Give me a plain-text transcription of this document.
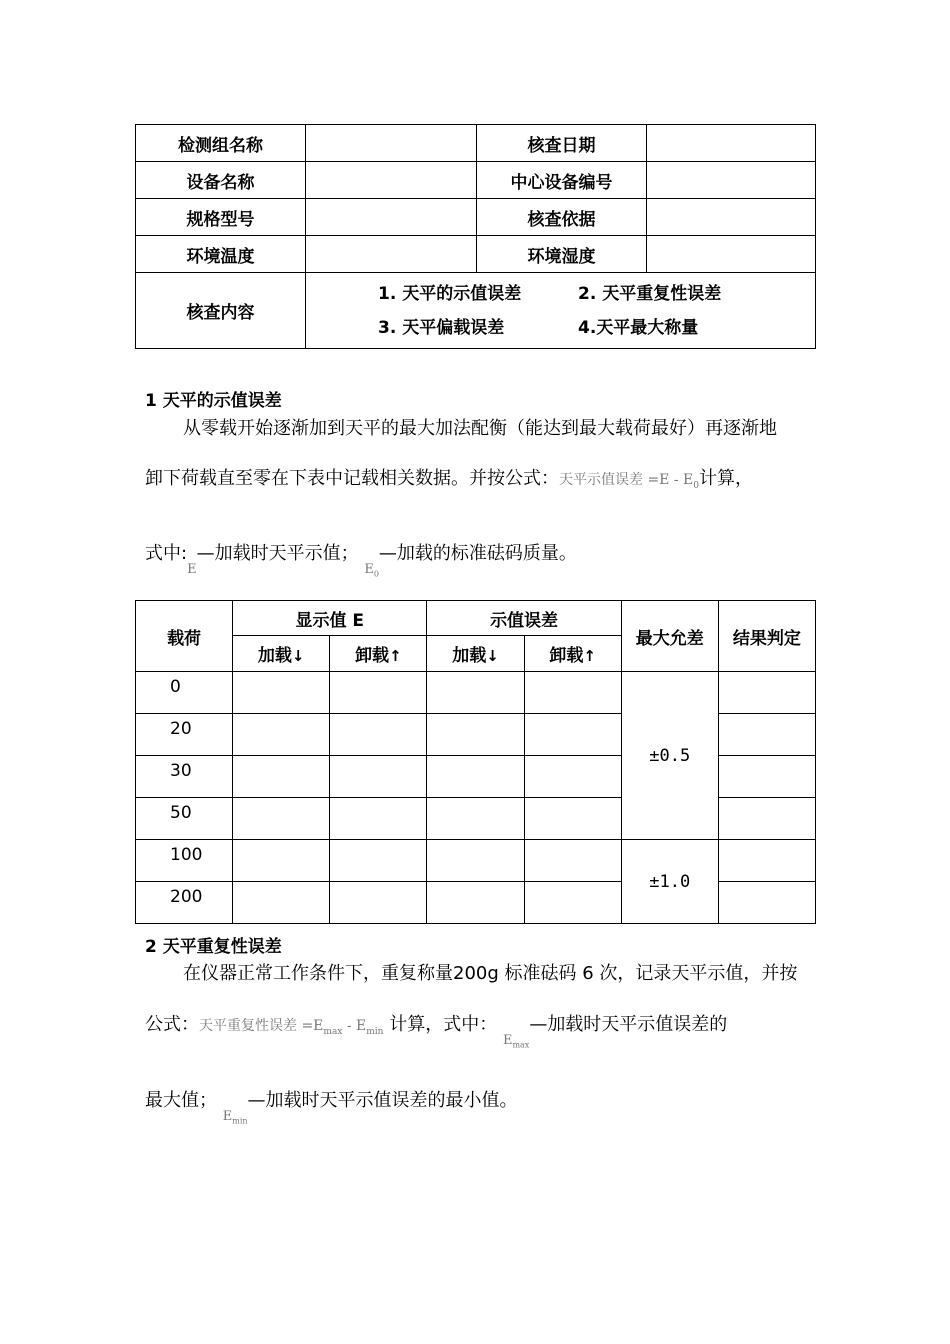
检测组名称		核查日期	
设备名称		中心设备编号	
规格型号		核查依据	
环境温度		环境湿度	
核查内容	1. 天平的示值误差 2. 天平重复性误差
3. 天平偏载误差 4.天平最大称量		
1 天平的示值误差
从零载开始逐渐加到天平的最大加法配衡（能达到最大载荷最好）再逐渐地
卸下荷载直至零在下表中记载相关数据。并按公式：天平示值误差 $=E - E_0$计算，
式中:E—加载时天平示值； $E_0—$加载的标准砝码质量。
载荷	显示值 E		示值误差		最大允差	结果判定
	加载↓	卸载↑	加载↓	卸载↑		
0					±0.5	
20						
30						
50						
100					±1.0	
200						
2 天平重复性误差
在仪器正常工作条件下，重复称量200g 标准砝码 6 次，记录天平示值，并按
公式：天平重复性误差 $=E_{max} - E_{min}$ 计算，式中： $E_{max}—$加载时天平示值误差的
最大值； $E_{min}—$加载时天平示值误差的最小值。
